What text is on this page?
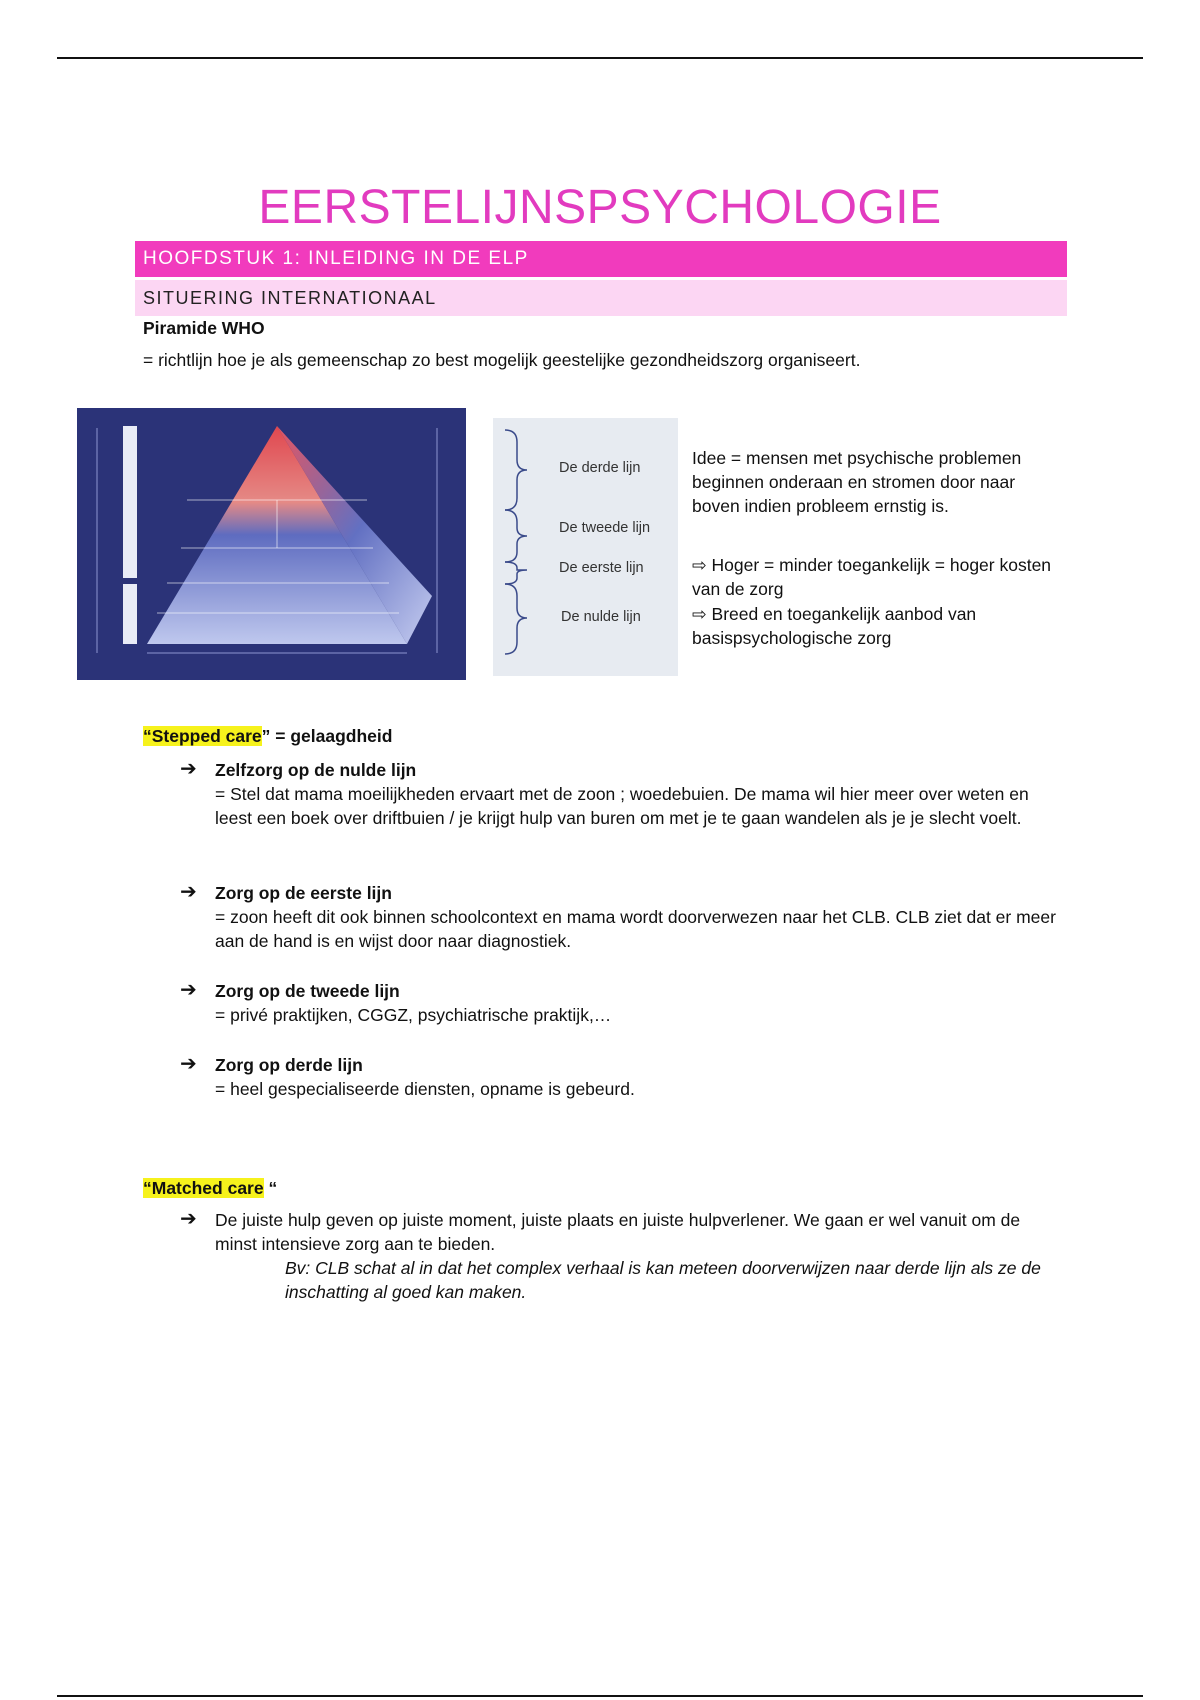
EERSTELIJNSPSYCHOLOGIE
HOOFDSTUK 1: INLEIDING IN DE ELP
SITUERING INTERNATIONAAL
Piramide WHO
= richtlijn hoe je als gemeenschap zo best mogelijk geestelijke gezondheidszorg organiseert.
De derde lijn
De tweede lijn
De eerste lijn
De nulde lijn
Idee = mensen met psychische problemen beginnen onderaan en stromen door naar boven indien probleem ernstig is.
⇨ Hoger = minder toegankelijk = hoger kosten van de zorg
⇨ Breed en toegankelijk aanbod van basispsychologische zorg
“Stepped care” = gelaagdheid
➔ Zelfzorg op de nulde lijn
= Stel dat mama moeilijkheden ervaart met de zoon ; woedebuien. De mama wil hier meer over weten en leest een boek over driftbuien / je krijgt hulp van buren om met je te gaan wandelen als je je slecht voelt.
➔ Zorg op de eerste lijn
= zoon heeft dit ook binnen schoolcontext en mama wordt doorverwezen naar het CLB. CLB ziet dat er meer aan de hand is en wijst door naar diagnostiek.
➔ Zorg op de tweede lijn
= privé praktijken, CGGZ, psychiatrische praktijk,…
➔ Zorg op derde lijn
= heel gespecialiseerde diensten, opname is gebeurd.
“Matched care “
➔ De juiste hulp geven op juiste moment, juiste plaats en juiste hulpverlener. We gaan er wel vanuit om de minst intensieve zorg aan te bieden.
Bv: CLB schat al in dat het complex verhaal is kan meteen doorverwijzen naar derde lijn als ze de inschatting al goed kan maken.
